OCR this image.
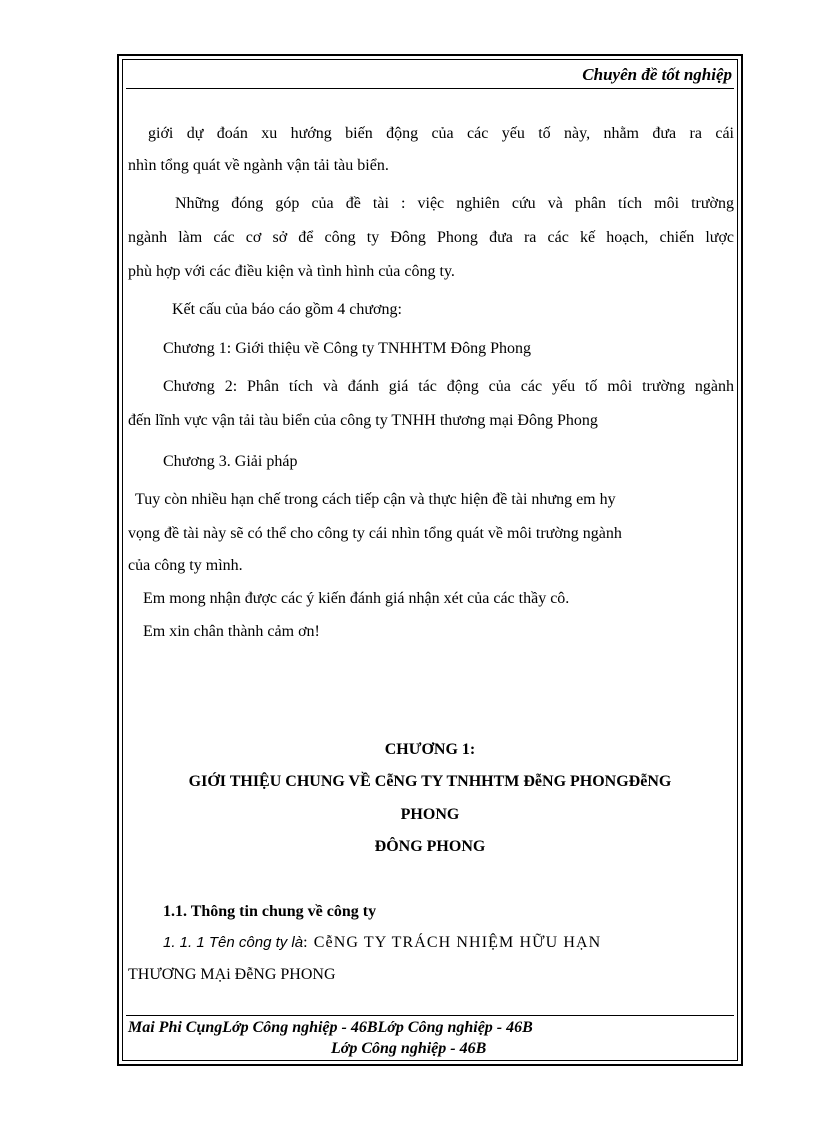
Chuyên đề tốt nghiệp
giới dự đoán xu hướng biến động của các yếu tố này, nhằm đưa ra cái
nhìn tổng quát về ngành vận tải tàu biển.
Những đóng góp của đề tài : việc nghiên cứu và phân tích môi trường
ngành làm các cơ sở để công ty Đông Phong đưa ra các kế hoạch, chiến lược
phù hợp với các điều kiện và tình hình của công ty.
Kết cấu của báo cáo gồm 4 chương:
Chương 1: Giới thiệu về Công ty TNHHTM Đông Phong
Chương 2: Phân tích và đánh giá tác động của các yếu tố môi trường ngành
đến lĩnh vực vận tải tàu biển của công ty TNHH thương mại Đông Phong
Chương 3. Giải pháp
Tuy còn nhiều hạn chế trong cách tiếp cận và thực hiện đề tài nhưng em hy
vọng đề tài này sẽ có thể cho công ty cái nhìn tổng quát về môi trường ngành
của công ty mình.
Em mong nhận được các ý kiến đánh giá nhận xét của các thầy cô.
Em xin chân thành cảm ơn!
CHƯƠNG 1:
GIỚI THIỆU CHUNG VỀ CễNG TY TNHHTM ĐễNG PHONGĐễNG
PHONG
ĐÔNG PHONG
1.1. Thông tin chung về công ty
1. 1. 1 Tên công ty là: CễNG TY TRÁCH NHIỆM HỮU HẠN
THƯƠNG MẠi ĐễNG PHONG
Mai Phi CụngLớp Công nghiệp - 46BLớp Công nghiệp - 46B
Lớp Công nghiệp - 46B
